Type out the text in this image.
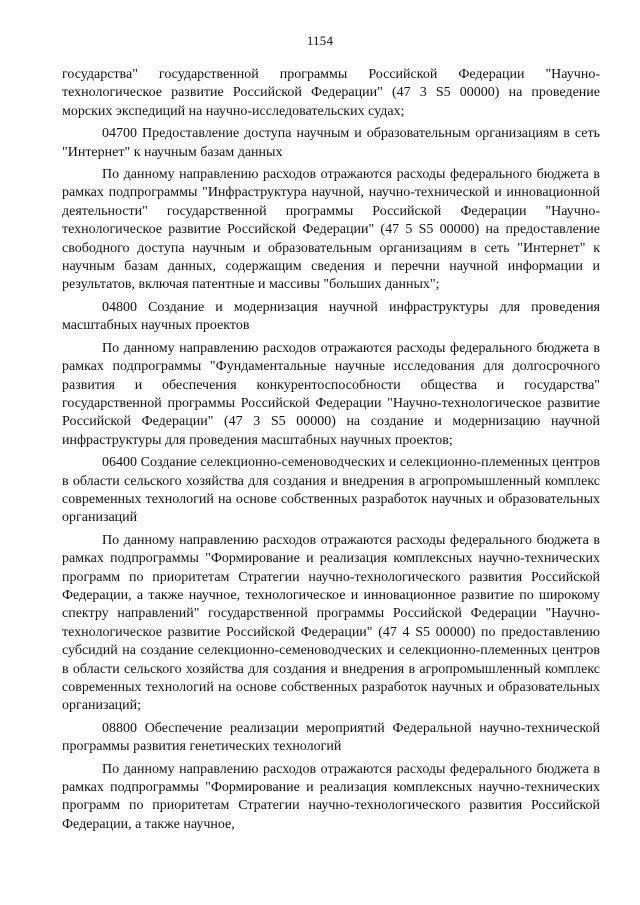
1154

государства" государственной программы Российской Федерации "Научно-технологическое развитие Российской Федерации" (47 3 S5 00000) на проведение морских экспедиций на научно-исследовательских судах;

04700 Предоставление доступа научным и образовательным организациям в сеть "Интернет" к научным базам данных

По данному направлению расходов отражаются расходы федерального бюджета в рамках подпрограммы "Инфраструктура научной, научно-технической и инновационной деятельности" государственной программы Российской Федерации "Научно-технологическое развитие Российской Федерации" (47 5 S5 00000) на предоставление свободного доступа научным и образовательным организациям в сеть "Интернет" к научным базам данных, содержащим сведения и перечни научной информации и результатов, включая патентные и массивы "больших данных";

04800 Создание и модернизация научной инфраструктуры для проведения масштабных научных проектов

По данному направлению расходов отражаются расходы федерального бюджета в рамках подпрограммы "Фундаментальные научные исследования для долгосрочного развития и обеспечения конкурентоспособности общества и государства" государственной программы Российской Федерации "Научно-технологическое развитие Российской Федерации" (47 3 S5 00000) на создание и модернизацию научной инфраструктуры для проведения масштабных научных проектов;

06400 Создание селекционно-семеноводческих и селекционно-племенных центров в области сельского хозяйства для создания и внедрения в агропромышленный комплекс современных технологий на основе собственных разработок научных и образовательных организаций

По данному направлению расходов отражаются расходы федерального бюджета в рамках подпрограммы "Формирование и реализация комплексных научно-технических программ по приоритетам Стратегии научно-технологического развития Российской Федерации, а также научное, технологическое и инновационное развитие по широкому спектру направлений" государственной программы Российской Федерации "Научно-технологическое развитие Российской Федерации" (47 4 S5 00000) по предоставлению субсидий на создание селекционно-семеноводческих и селекционно-племенных центров в области сельского хозяйства для создания и внедрения в агропромышленный комплекс современных технологий на основе собственных разработок научных и образовательных организаций;

08800 Обеспечение реализации мероприятий Федеральной научно-технической программы развития генетических технологий

По данному направлению расходов отражаются расходы федерального бюджета в рамках подпрограммы "Формирование и реализация комплексных научно-технических программ по приоритетам Стратегии научно-технологического развития Российской Федерации, а также научное,
